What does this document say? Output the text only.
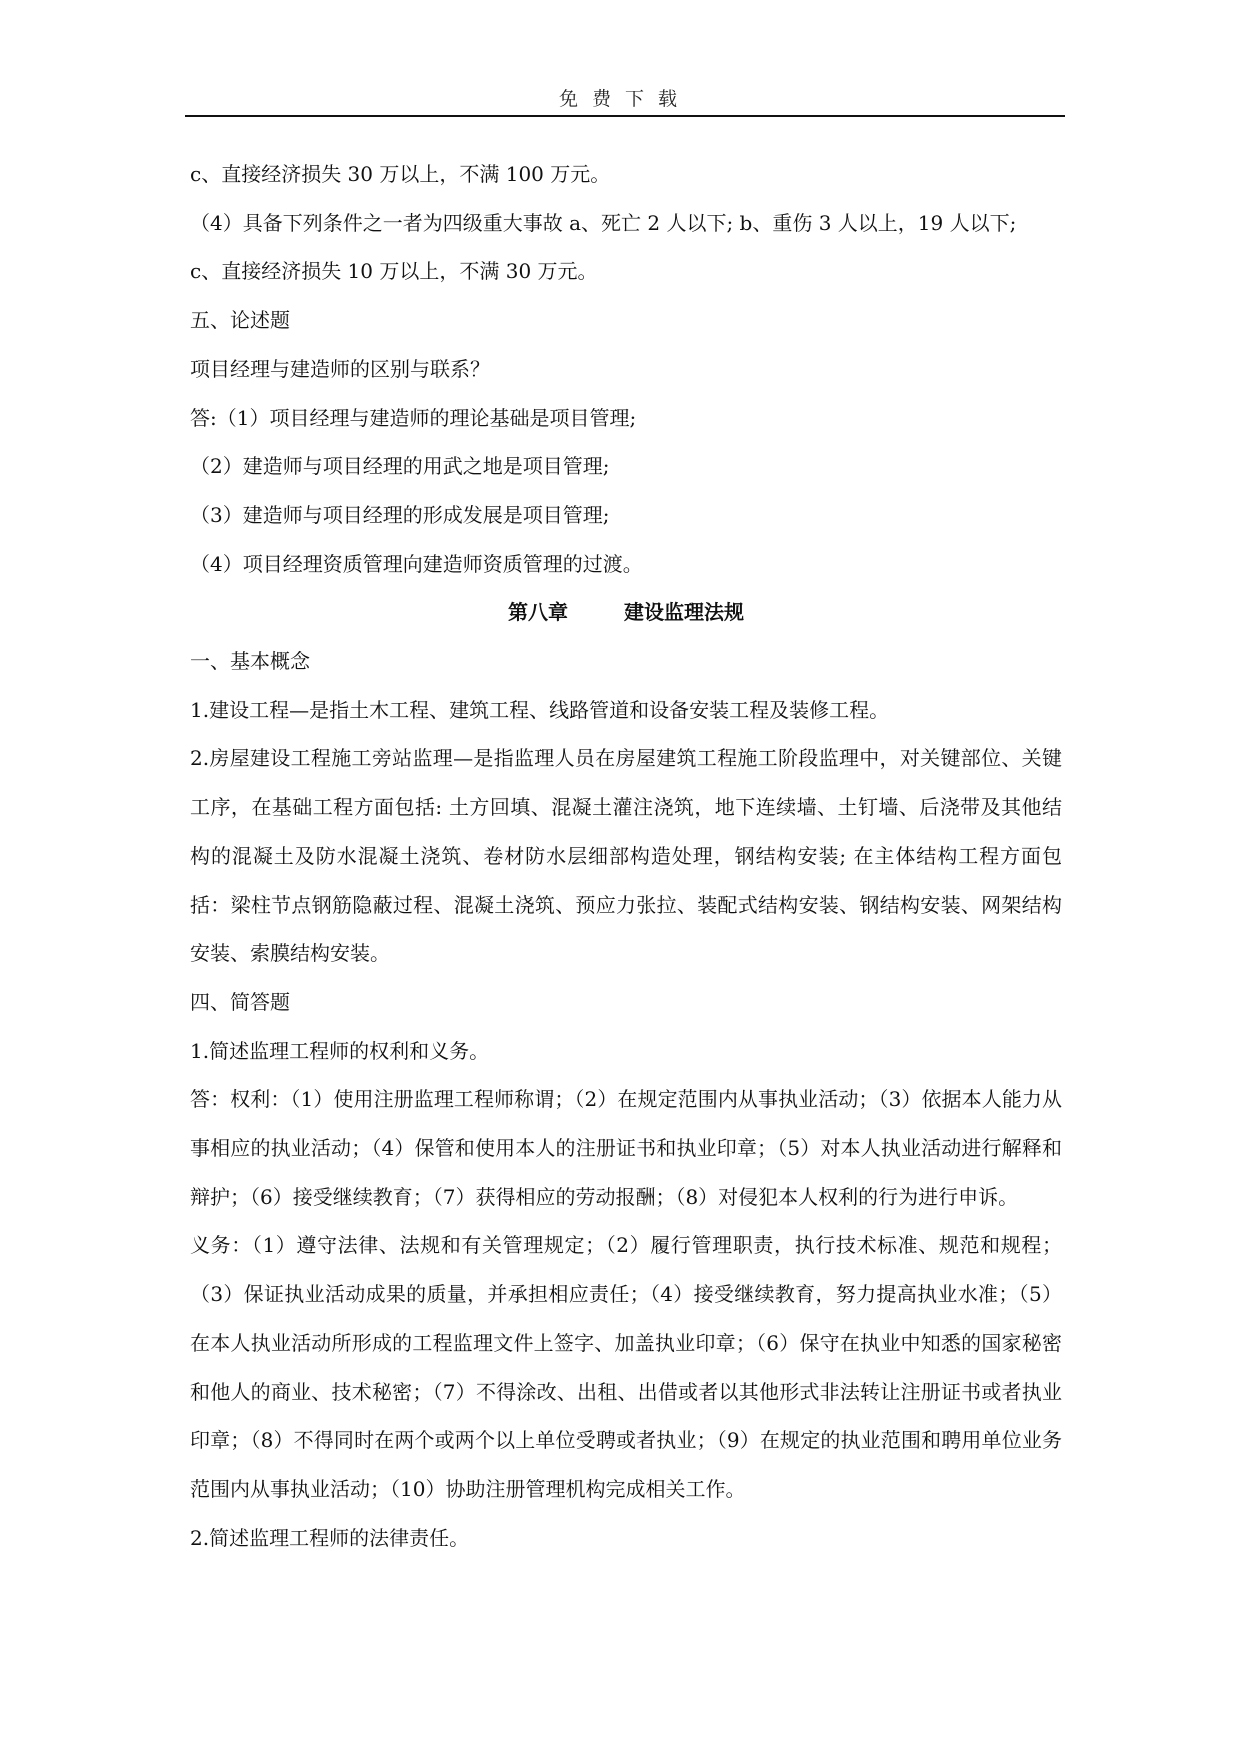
免费下载

c、直接经济损失 30 万以上，不满 100 万元。

（4）具备下列条件之一者为四级重大事故 a、死亡 2 人以下; b、重伤 3 人以上，19 人以下;

c、直接经济损失 10 万以上，不满 30 万元。

五、论述题

项目经理与建造师的区别与联系？

答:（1）项目经理与建造师的理论基础是项目管理;

（2）建造师与项目经理的用武之地是项目管理;

（3）建造师与项目经理的形成发展是项目管理;

（4）项目经理资质管理向建造师资质管理的过渡。

第八章	建设监理法规

一、基本概念

1.建设工程—是指土木工程、建筑工程、线路管道和设备安装工程及装修工程。

2.房屋建设工程施工旁站监理—是指监理人员在房屋建筑工程施工阶段监理中，对关键部位、关键工序，在基础工程方面包括: 土方回填、混凝土灌注浇筑，地下连续墙、土钉墙、后浇带及其他结构的混凝土及防水混凝土浇筑、卷材防水层细部构造处理，钢结构安装; 在主体结构工程方面包括：梁柱节点钢筋隐蔽过程、混凝土浇筑、预应力张拉、装配式结构安装、钢结构安装、网架结构安装、索膜结构安装。

四、简答题

1.简述监理工程师的权利和义务。

答：权利：（1）使用注册监理工程师称谓；（2）在规定范围内从事执业活动；（3）依据本人能力从事相应的执业活动；（4）保管和使用本人的注册证书和执业印章；（5）对本人执业活动进行解释和辩护；（6）接受继续教育；（7）获得相应的劳动报酬；（8）对侵犯本人权利的行为进行申诉。

义务：（1）遵守法律、法规和有关管理规定；（2）履行管理职责，执行技术标准、规范和规程；（3）保证执业活动成果的质量，并承担相应责任；（4）接受继续教育，努力提高执业水准；（5）在本人执业活动所形成的工程监理文件上签字、加盖执业印章；（6）保守在执业中知悉的国家秘密和他人的商业、技术秘密；（7）不得涂改、出租、出借或者以其他形式非法转让注册证书或者执业印章；（8）不得同时在两个或两个以上单位受聘或者执业；（9）在规定的执业范围和聘用单位业务范围内从事执业活动；（10）协助注册管理机构完成相关工作。

2.简述监理工程师的法律责任。
